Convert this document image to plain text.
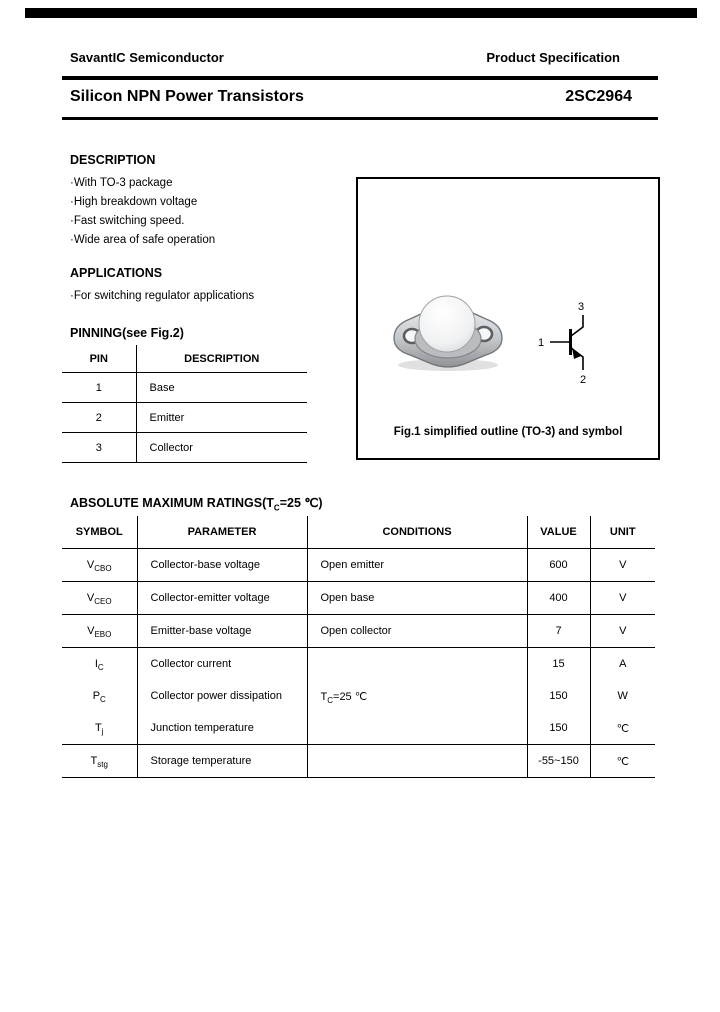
SavantIC Semiconductor	Product Specification
Silicon NPN Power Transistors	2SC2964
DESCRIPTION
·With TO-3 package
·High breakdown voltage
·Fast switching speed.
·Wide area of safe operation
APPLICATIONS
·For switching regulator applications
PINNING(see Fig.2)
PIN	DESCRIPTION
1	Base
2	Emitter
3	Collector
3
1
2
Fig.1 simplified outline (TO-3) and symbol
ABSOLUTE MAXIMUM $RATINGS(T_C=25$ ℃)
SYMBOL	PARAMETER	CONDITIONS	VALUE	UNIT
$V_{CBO}$	Collector-base voltage	Open emitter	600	V
$V_{CEO}$	Collector-emitter voltage	Open base	400	V
$V_{EBO}$	Emitter-base voltage	Open collector	7	V
$I_C$	Collector current		15	A
$P_C$	Collector power dissipation	$T_C=25$ ℃	150	W
$T_j$	Junction temperature		150	℃
$T_{stg}$	Storage temperature		-55~150	℃
